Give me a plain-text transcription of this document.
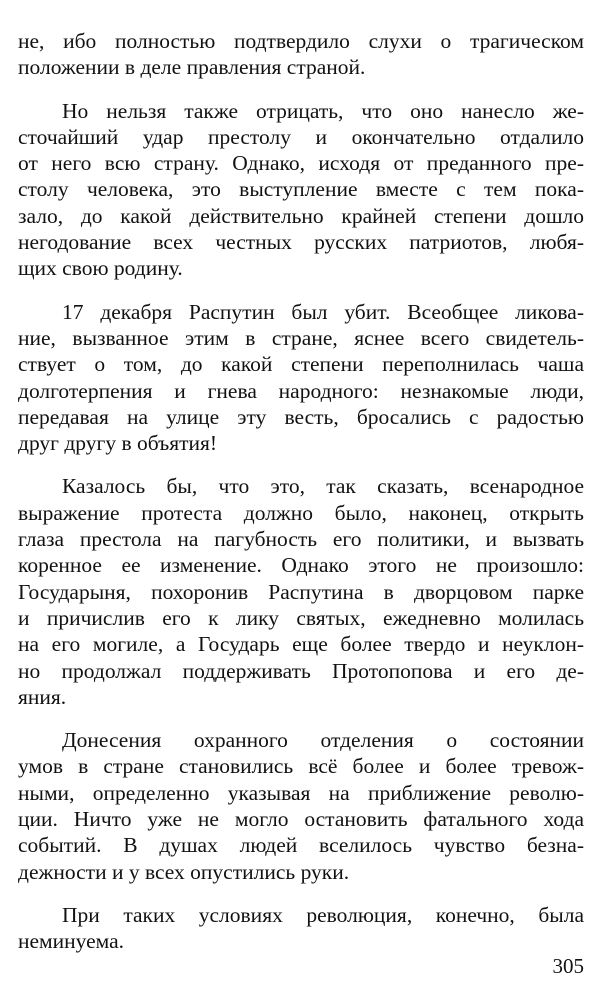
не, ибо полностью подтвердило слухи о трагическом
положении в деле правления страной.
Но нельзя также отрицать, что оно нанесло же-
сточайший удар престолу и окончательно отдалило
от него всю страну. Однако, исходя от преданного пре-
столу человека, это выступление вместе с тем пока-
зало, до какой действительно крайней степени дошло
негодование всех честных русских патриотов, любя-
щих свою родину.
17 декабря Распутин был убит. Всеобщее ликова-
ние, вызванное этим в стране, яснее всего свидетель-
ствует о том, до какой степени переполнилась чаша
долготерпения и гнева народного: незнакомые люди,
передавая на улице эту весть, бросались с радостью
друг другу в объятия!
Казалось бы, что это, так сказать, всенародное
выражение протеста должно было, наконец, открыть
глаза престола на пагубность его политики, и вызвать
коренное ее изменение. Однако этого не произошло:
Государыня, похоронив Распутина в дворцовом парке
и причислив его к лику святых, ежедневно молилась
на его могиле, а Государь еще более твердо и неуклон-
но продолжал поддерживать Протопопова и его де-
яния.
Донесения охранного отделения о состоянии
умов в стране становились всё более и более тревож-
ными, определенно указывая на приближение револю-
ции. Ничто уже не могло остановить фатального хода
событий. В душах людей вселилось чувство безна-
дежности и у всех опустились руки.
При таких условиях революция, конечно, была
неминуема.
305
